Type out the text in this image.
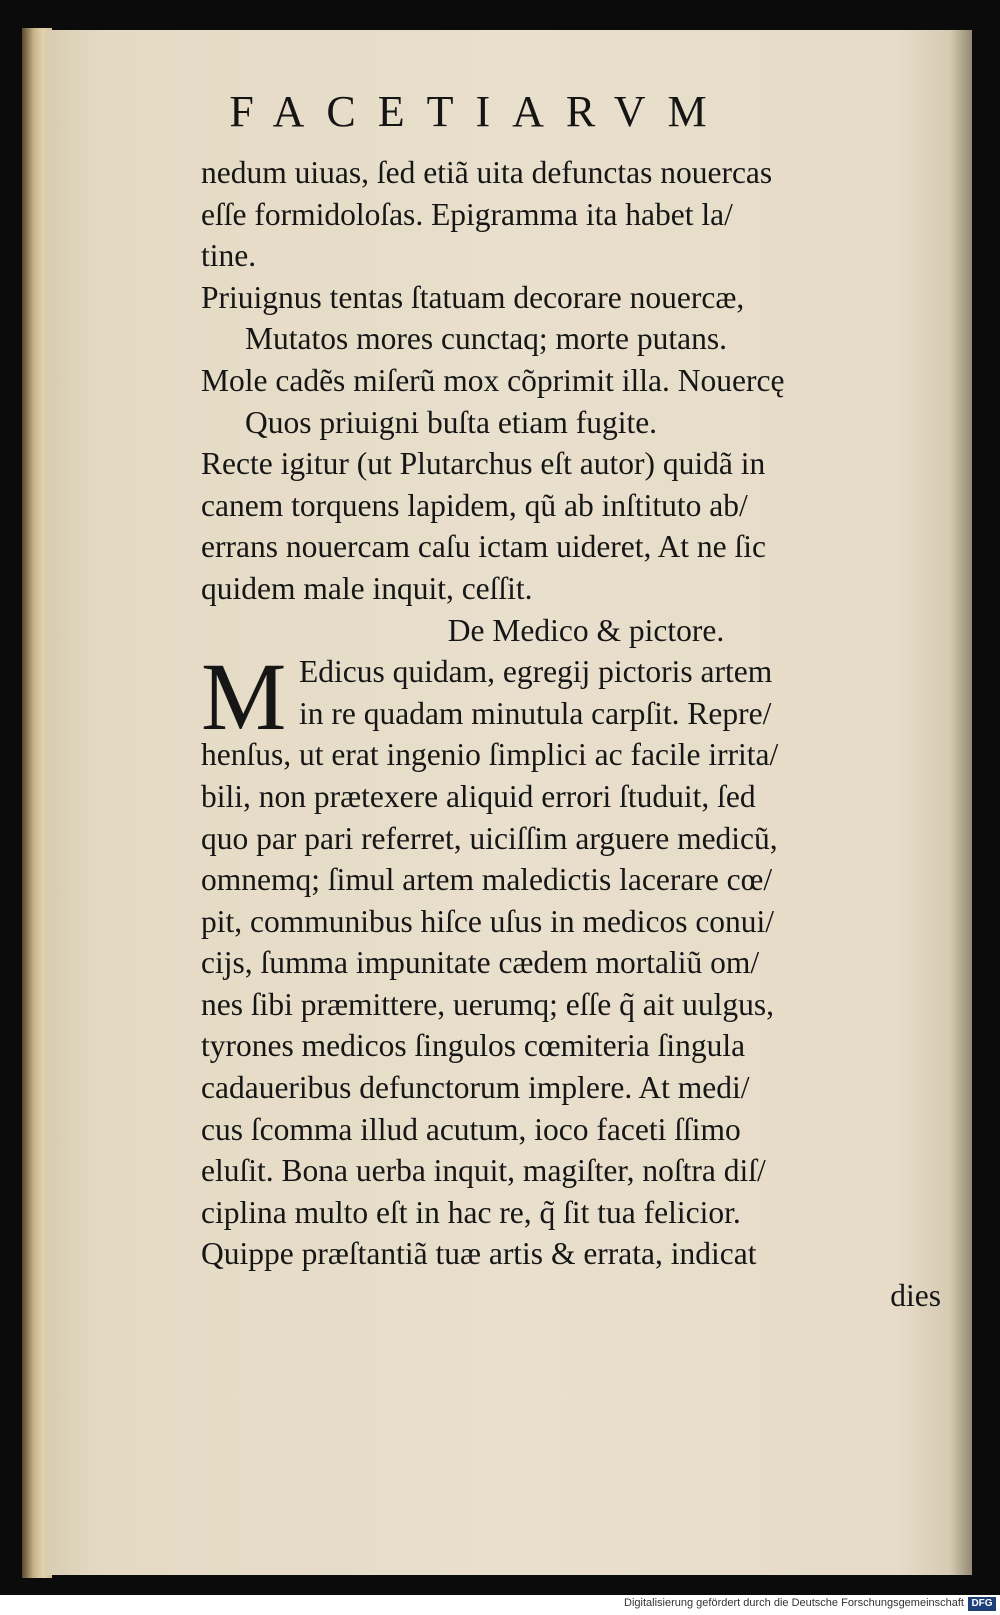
FACETIARVM
nedum uiuas, ſed etiã uita defunctas nouercas
eſſe formidoloſas. Epigramma ita habet la/
tine.
Priuignus tentas ſtatuam decorare nouercæ,
Mutatos mores cunctaq; morte putans.
Mole cadẽs miſerũ mox cõprimit illa. Nouercę
Quos priuigni buſta etiam fugite.
Recte igitur (ut Plutarchus eſt autor) quidã in
canem torquens lapidem, qũ ab inſtituto ab/
errans nouercam caſu ictam uideret, At ne ſic
quidem male inquit, ceſſit.
De Medico & pictore.
M Edicus quidam, egregij pictoris artem
in re quadam minutula carpſit. Repre/
henſus, ut erat ingenio ſimplici ac facile irrita/
bili, non prætexere aliquid errori ſtuduit, ſed
quo par pari referret, uiciſſim arguere medicũ,
omnemq; ſimul artem maledictis lacerare cœ/
pit, communibus hiſce uſus in medicos conui/
cijs, ſumma impunitate cædem mortaliũ om/
nes ſibi præmittere, uerumq; eſſe q̃ ait uulgus,
tyrones medicos ſingulos cœmiteria ſingula
cadaueribus defunctorum implere. At medi/
cus ſcomma illud acutum, ioco faceti ſſimo
eluſit. Bona uerba inquit, magiſter, noſtra diſ/
ciplina multo eſt in hac re, q̃ ſit tua felicior.
Quippe præſtantiã tuæ artis & errata, indicat
dies
Digitalisierung gefördert durch die Deutsche Forschungsgemeinschaft DFG
